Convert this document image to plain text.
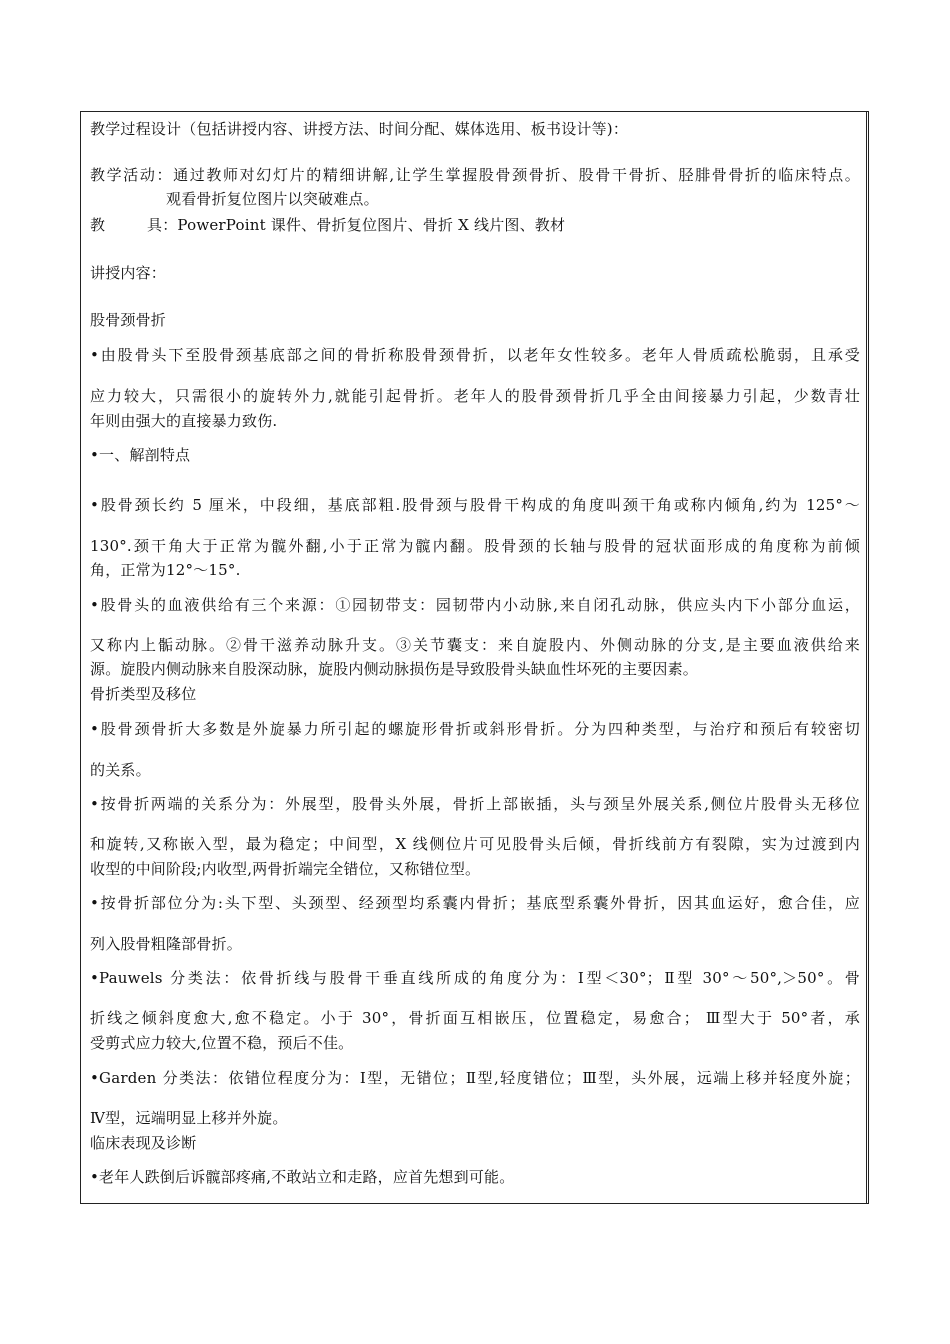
教学过程设计（包括讲授内容、讲授方法、时间分配、媒体选用、板书设计等)：
教学活动：通过教师对幻灯片的精细讲解,让学生掌握股骨颈骨折、股骨干骨折、胫腓骨骨折的临床特点。
观看骨折复位图片以突破难点。
教	具：PowerPoint 课件、骨折复位图片、骨折 X 线片图、教材
讲授内容：
股骨颈骨折
•由股骨头下至股骨颈基底部之间的骨折称股骨颈骨折，以老年女性较多。老年人骨质疏松脆弱，且承受
应力较大，只需很小的旋转外力,就能引起骨折。老年人的股骨颈骨折几乎全由间接暴力引起，少数青壮
年则由强大的直接暴力致伤.
•一、解剖特点
•股骨颈长约 5 厘米，中段细，基底部粗.股骨颈与股骨干构成的角度叫颈干角或称内倾角,约为 125°～
130°.颈干角大于正常为髋外翻,小于正常为髋内翻。股骨颈的长轴与股骨的冠状面形成的角度称为前倾
角，正常为12°～15°.
•股骨头的血液供给有三个来源：①园韧带支：园韧带内小动脉,来自闭孔动脉，供应头内下小部分血运，
又称内上骺动脉。②骨干滋养动脉升支。③关节囊支：来自旋股内、外侧动脉的分支,是主要血液供给来
源。旋股内侧动脉来自股深动脉，旋股内侧动脉损伤是导致股骨头缺血性坏死的主要因素。
骨折类型及移位
•股骨颈骨折大多数是外旋暴力所引起的螺旋形骨折或斜形骨折。分为四种类型，与治疗和预后有较密切
的关系。
•按骨折两端的关系分为：外展型，股骨头外展，骨折上部嵌插，头与颈呈外展关系,侧位片股骨头无移位
和旋转,又称嵌入型，最为稳定；中间型，X 线侧位片可见股骨头后倾，骨折线前方有裂隙，实为过渡到内
收型的中间阶段;内收型,两骨折端完全错位，又称错位型。
•按骨折部位分为:头下型、头颈型、经颈型均系囊内骨折；基底型系囊外骨折，因其血运好，愈合佳，应
列入股骨粗隆部骨折。
•Pauwels 分类法：依骨折线与股骨干垂直线所成的角度分为：Ⅰ型＜30°；Ⅱ型 30°～50°,＞50°。骨
折线之倾斜度愈大,愈不稳定。小于 30°，骨折面互相嵌压，位置稳定，易愈合； Ⅲ型大于 50°者，承
受剪式应力较大,位置不稳，预后不佳。
•Garden 分类法：依错位程度分为：Ⅰ型，无错位；Ⅱ型,轻度错位；Ⅲ型，头外展，远端上移并轻度外旋；
Ⅳ型，远端明显上移并外旋。
临床表现及诊断
•老年人跌倒后诉髋部疼痛,不敢站立和走路，应首先想到可能。
